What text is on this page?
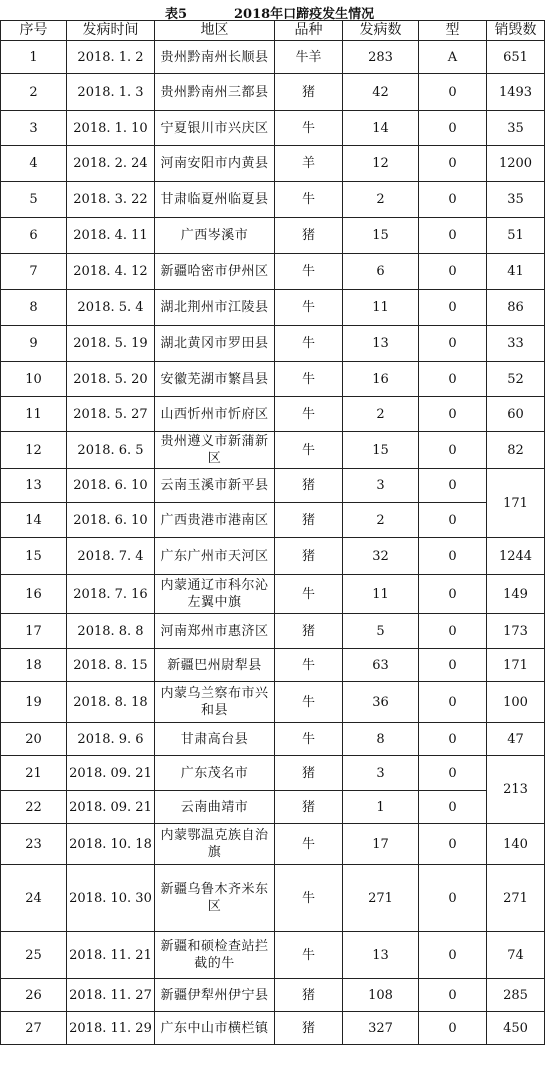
表5	2018年口蹄疫发生情况
序号	发病时间	地区	品种	发病数	型	销毁数
1	2018. 1. 2	贵州黔南州长顺县	牛羊	283	A	651
2	2018. 1. 3	贵州黔南州三都县	猪	42	0	1493
3	2018. 1. 10	宁夏银川市兴庆区	牛	14	0	35
4	2018. 2. 24	河南安阳市内黄县	羊	12	0	1200
5	2018. 3. 22	甘肃临夏州临夏县	牛	2	0	35
6	2018. 4. 11	广西岑溪市	猪	15	0	51
7	2018. 4. 12	新疆哈密市伊州区	牛	6	0	41
8	2018. 5. 4	湖北荆州市江陵县	牛	11	0	86
9	2018. 5. 19	湖北黄冈市罗田县	牛	13	0	33
10	2018. 5. 20	安徽芜湖市繁昌县	牛	16	0	52
11	2018. 5. 27	山西忻州市忻府区	牛	2	0	60
12	2018. 6. 5	贵州遵义市新蒲新区	牛	15	0	82
13	2018. 6. 10	云南玉溪市新平县	猪	3	0	171
14	2018. 6. 10	广西贵港市港南区	猪	2	0	
15	2018. 7. 4	广东广州市天河区	猪	32	0	1244
16	2018. 7. 16	内蒙通辽市科尔沁左翼中旗	牛	11	0	149
17	2018. 8. 8	河南郑州市惠济区	猪	5	0	173
18	2018. 8. 15	新疆巴州尉犁县	牛	63	0	171
19	2018. 8. 18	内蒙乌兰察布市兴和县	牛	36	0	100
20	2018. 9. 6	甘肃高台县	牛	8	0	47
21	2018. 09. 21	广东茂名市	猪	3	0	213
22	2018. 09. 21	云南曲靖市	猪	1	0	
23	2018. 10. 18	内蒙鄂温克族自治旗	牛	17	0	140
24	2018. 10. 30	新疆乌鲁木齐米东区	牛	271	0	271
25	2018. 11. 21	新疆和硕检查站拦截的牛	牛	13	0	74
26	2018. 11. 27	新疆伊犁州伊宁县	猪	108	0	285
27	2018. 11. 29	广东中山市横栏镇	猪	327	0	450
